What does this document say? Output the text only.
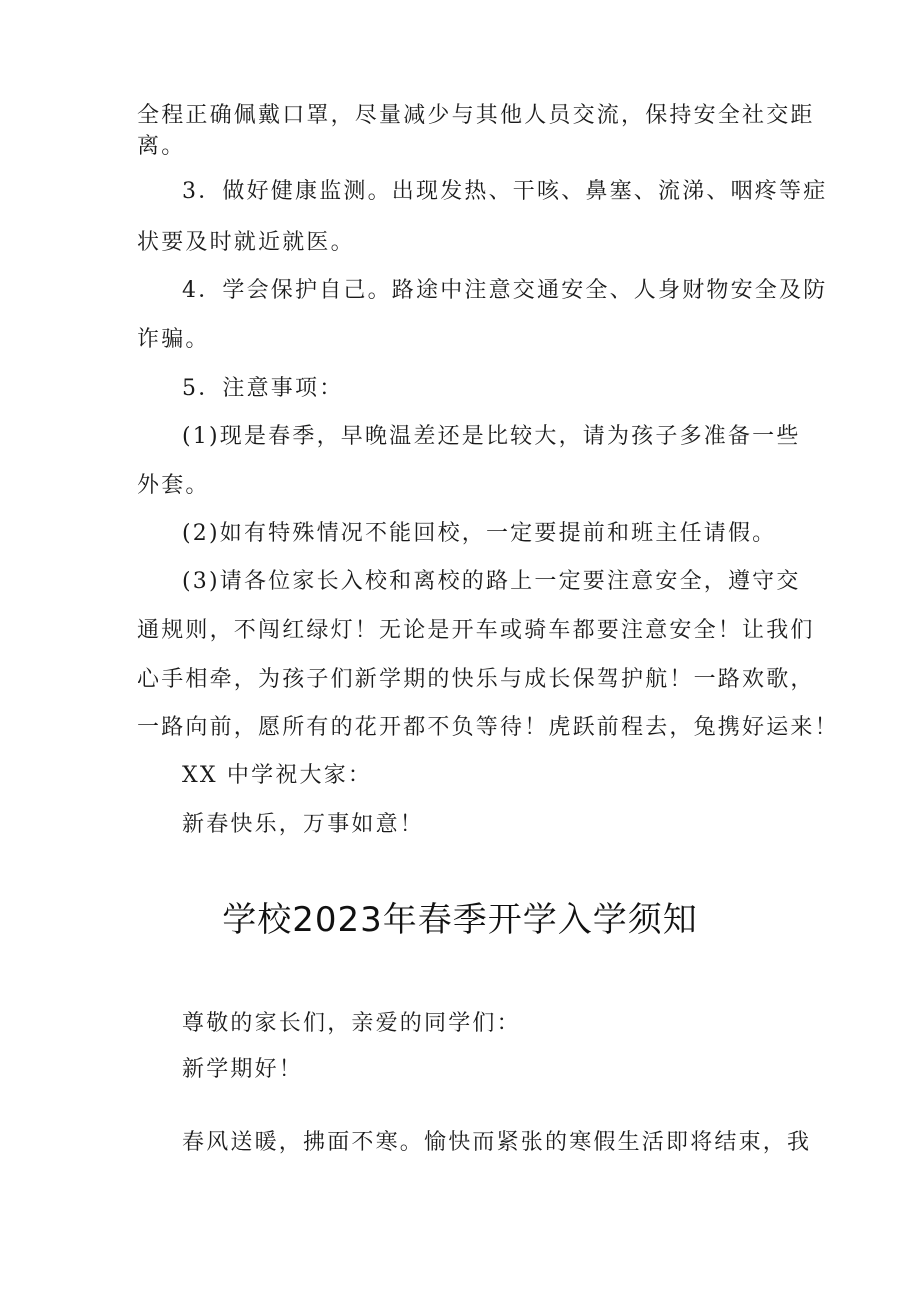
全程正确佩戴口罩，尽量减少与其他人员交流，保持安全社交距
离。
3．做好健康监测。出现发热、干咳、鼻塞、流涕、咽疼等症
状要及时就近就医。
4．学会保护自己。路途中注意交通安全、人身财物安全及防
诈骗。
5．注意事项：
(1)现是春季，早晚温差还是比较大，请为孩子多准备一些
外套。
(2)如有特殊情况不能回校，一定要提前和班主任请假。
(3)请各位家长入校和离校的路上一定要注意安全，遵守交
通规则，不闯红绿灯！无论是开车或骑车都要注意安全！让我们
心手相牵，为孩子们新学期的快乐与成长保驾护航！一路欢歌，
一路向前，愿所有的花开都不负等待！虎跃前程去，兔携好运来！
XX 中学祝大家：
新春快乐，万事如意！
学校2023年春季开学入学须知
尊敬的家长们，亲爱的同学们：
新学期好！
春风送暖，拂面不寒。愉快而紧张的寒假生活即将结束，我
